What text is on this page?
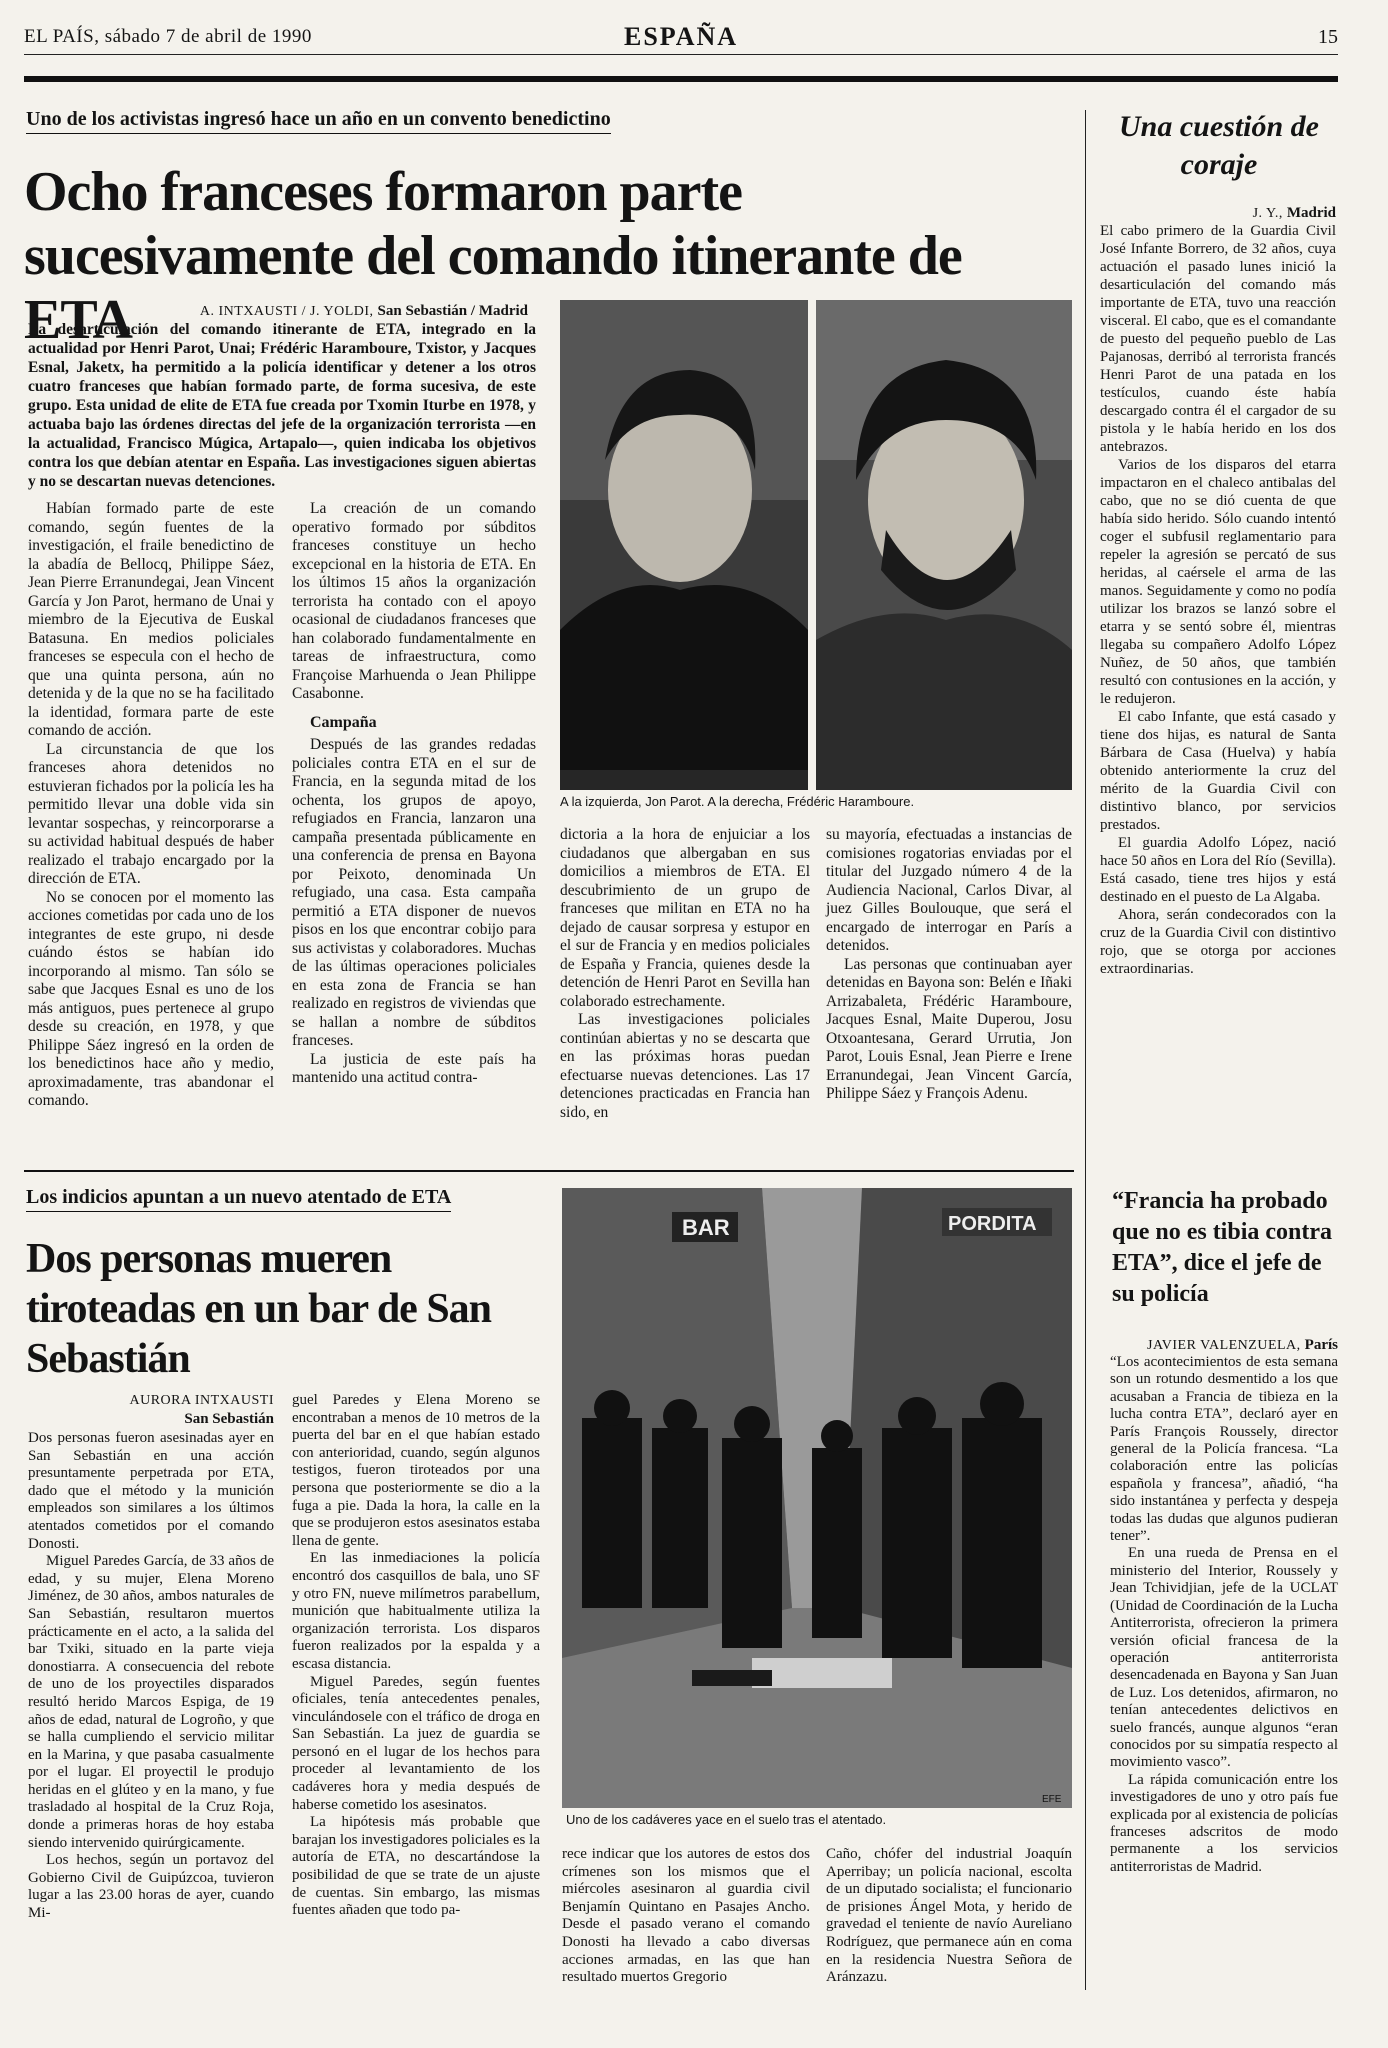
EL PAÍS, sábado 7 de abril de 1990	ESPAÑA	15
Uno de los activistas ingresó hace un año en un convento benedictino
Ocho franceses formaron parte sucesivamente del comando itinerante de ETA	A. INTXAUSTI / J. YOLDI, San Sebastián / Madrid
La desarticulación del comando itinerante de ETA, integrado en la actualidad por Henri Parot, Unai; Frédéric Haramboure, Txistor, y Jacques Esnal, Jaketx, ha permitido a la policía identificar y detener a los otros cuatro franceses que habían formado parte, de forma sucesiva, de este grupo. Esta unidad de elite de ETA fue creada por Txomin Iturbe en 1978, y actuaba bajo las órdenes directas del jefe de la organización terrorista —en la actualidad, Francisco Múgica, Artapalo—, quien indicaba los objetivos contra los que debían atentar en España. Las investigaciones siguen abiertas y no se descartan nuevas detenciones.

Habían formado parte de este comando, según fuentes de la investigación, el fraile benedictino de la abadía de Bellocq, Philippe Sáez, Jean Pierre Erranundegai, Jean Vincent García y Jon Parot, hermano de Unai y miembro de la Ejecutiva de Euskal Batasuna. En medios policiales franceses se especula con el hecho de que una quinta persona, aún no detenida y de la que no se ha facilitado la identidad, formara parte de este comando de acción.

La circunstancia de que los franceses ahora detenidos no estuvieran fichados por la policía les ha permitido llevar una doble vida sin levantar sospechas, y reincorporarse a su actividad habitual después de haber realizado el trabajo encargado por la dirección de ETA.

No se conocen por el momento las acciones cometidas por cada uno de los integrantes de este grupo, ni desde cuándo éstos se habían ido incorporando al mismo. Tan sólo se sabe que Jacques Esnal es uno de los más antiguos, pues pertenece al grupo desde su creación, en 1978, y que Philippe Sáez ingresó en la orden de los benedictinos hace año y medio, aproximadamente, tras abandonar el comando.

La creación de un comando operativo formado por súbditos franceses constituye un hecho excepcional en la historia de ETA. En los últimos 15 años la organización terrorista ha contado con el apoyo ocasional de ciudadanos franceses que han colaborado fundamentalmente en tareas de infraestructura, como Françoise Marhuenda o Jean Philippe Casabonne.

Campaña

Después de las grandes redadas policiales contra ETA en el sur de Francia, en la segunda mitad de los ochenta, los grupos de apoyo, refugiados en Francia, lanzaron una campaña presentada públicamente en una conferencia de prensa en Bayona por Peixoto, denominada Un refugiado, una casa. Esta campaña permitió a ETA disponer de nuevos pisos en los que encontrar cobijo para sus activistas y colaboradores. Muchas de las últimas operaciones policiales en esta zona de Francia se han realizado en registros de viviendas que se hallan a nombre de súbditos franceses.

La justicia de este país ha mantenido una actitud contra-

A la izquierda, Jon Parot. A la derecha, Frédéric Haramboure.

dictoria a la hora de enjuiciar a los ciudadanos que albergaban en sus domicilios a miembros de ETA. El descubrimiento de un grupo de franceses que militan en ETA no ha dejado de causar sorpresa y estupor en el sur de Francia y en medios policiales de España y Francia, quienes desde la detención de Henri Parot en Sevilla han colaborado estrechamente.

Las investigaciones policiales continúan abiertas y no se descarta que en las próximas horas puedan efectuarse nuevas detenciones. Las 17 detenciones practicadas en Francia han sido, en

su mayoría, efectuadas a instancias de comisiones rogatorias enviadas por el titular del Juzgado número 4 de la Audiencia Nacional, Carlos Divar, al juez Gilles Boulouque, que será el encargado de interrogar en París a detenidos.

Las personas que continuaban ayer detenidas en Bayona son: Belén e Iñaki Arrizabaleta, Frédéric Haramboure, Jacques Esnal, Maite Duperou, Josu Otxoantesana, Gerard Urrutia, Jon Parot, Louis Esnal, Jean Pierre e Irene Erranundegai, Jean Vincent García, Philippe Sáez y François Adenu.

Una cuestión de coraje
J. Y., Madrid

El cabo primero de la Guardia Civil José Infante Borrero, de 32 años, cuya actuación el pasado lunes inició la desarticulación del comando más importante de ETA, tuvo una reacción visceral. El cabo, que es el comandante de puesto del pequeño pueblo de Las Pajanosas, derribó al terrorista francés Henri Parot de una patada en los testículos, cuando éste había descargado contra él el cargador de su pistola y le había herido en los dos antebrazos.

Varios de los disparos del etarra impactaron en el chaleco antibalas del cabo, que no se dió cuenta de que había sido herido. Sólo cuando intentó coger el subfusil reglamentario para repeler la agresión se percató de sus heridas, al caérsele el arma de las manos. Seguidamente y como no podía utilizar los brazos se lanzó sobre el etarra y se sentó sobre él, mientras llegaba su compañero Adolfo López Nuñez, de 50 años, que también resultó con contusiones en la acción, y le redujeron.

El cabo Infante, que está casado y tiene dos hijas, es natural de Santa Bárbara de Casa (Huelva) y había obtenido anteriormente la cruz del mérito de la Guardia Civil con distintivo blanco, por servicios prestados.

El guardia Adolfo López, nació hace 50 años en Lora del Río (Sevilla). Está casado, tiene tres hijos y está destinado en el puesto de La Algaba.

Ahora, serán condecorados con la cruz de la Guardia Civil con distintivo rojo, que se otorga por acciones extraordinarias.

Los indicios apuntan a un nuevo atentado de ETA
Dos personas mueren tiroteadas en un bar de San Sebastián
AURORA INTXAUSTI
San Sebastián

Dos personas fueron asesinadas ayer en San Sebastián en una acción presuntamente perpetrada por ETA, dado que el método y la munición empleados son similares a los últimos atentados cometidos por el comando Donosti.

Miguel Paredes García, de 33 años de edad, y su mujer, Elena Moreno Jiménez, de 30 años, ambos naturales de San Sebastián, resultaron muertos prácticamente en el acto, a la salida del bar Txiki, situado en la parte vieja donostiarra. A consecuencia del rebote de uno de los proyectiles disparados resultó herido Marcos Espiga, de 19 años de edad, natural de Logroño, y que se halla cumpliendo el servicio militar en la Marina, y que pasaba casualmente por el lugar. El proyectil le produjo heridas en el glúteo y en la mano, y fue trasladado al hospital de la Cruz Roja, donde a primeras horas de hoy estaba siendo intervenido quirúrgicamente.

Los hechos, según un portavoz del Gobierno Civil de Guipúzcoa, tuvieron lugar a las 23.00 horas de ayer, cuando Mi-

guel Paredes y Elena Moreno se encontraban a menos de 10 metros de la puerta del bar en el que habían estado con anterioridad, cuando, según algunos testigos, fueron tiroteados por una persona que posteriormente se dio a la fuga a pie. Dada la hora, la calle en la que se produjeron estos asesinatos estaba llena de gente.

En las inmediaciones la policía encontró dos casquillos de bala, uno SF y otro FN, nueve milímetros parabellum, munición que habitualmente utiliza la organización terrorista. Los disparos fueron realizados por la espalda y a escasa distancia.

Miguel Paredes, según fuentes oficiales, tenía antecedentes penales, vinculándosele con el tráfico de droga en San Sebastián. La juez de guardia se personó en el lugar de los hechos para proceder al levantamiento de los cadáveres hora y media después de haberse cometido los asesinatos.

La hipótesis más probable que barajan los investigadores policiales es la autoría de ETA, no descartándose la posibilidad de que se trate de un ajuste de cuentas. Sin embargo, las mismas fuentes añaden que todo pa-

BAR	PORDITA
Uno de los cadáveres yace en el suelo tras el atentado.
EFE

rece indicar que los autores de estos dos crímenes son los mismos que el miércoles asesinaron al guardia civil Benjamín Quintano en Pasajes Ancho. Desde el pasado verano el comando Donosti ha llevado a cabo diversas acciones armadas, en las que han resultado muertos Gregorio

Caño, chófer del industrial Joaquín Aperribay; un policía nacional, escolta de un diputado socialista; el funcionario de prisiones Ángel Mota, y herido de gravedad el teniente de navío Aureliano Rodríguez, que permanece aún en coma en la residencia Nuestra Señora de Aránzazu.

“Francia ha probado que no es tibia contra ETA”, dice el jefe de su policía
JAVIER VALENZUELA, París

“Los acontecimientos de esta semana son un rotundo desmentido a los que acusaban a Francia de tibieza en la lucha contra ETA”, declaró ayer en París François Roussely, director general de la Policía francesa. “La colaboración entre las policías española y francesa”, añadió, “ha sido instantánea y perfecta y despeja todas las dudas que algunos pudieran tener”.

En una rueda de Prensa en el ministerio del Interior, Roussely y Jean Tchividjian, jefe de la UCLAT (Unidad de Coordinación de la Lucha Antiterrorista, ofrecieron la primera versión oficial francesa de la operación antiterrorista desencadenada en Bayona y San Juan de Luz. Los detenidos, afirmaron, no tenían antecedentes delictivos en suelo francés, aunque algunos “eran conocidos por su simpatía respecto al movimiento vasco”.

La rápida comunicación entre los investigadores de uno y otro país fue explicada por al existencia de policías franceses adscritos de modo permanente a los servicios antiterroristas de Madrid.
